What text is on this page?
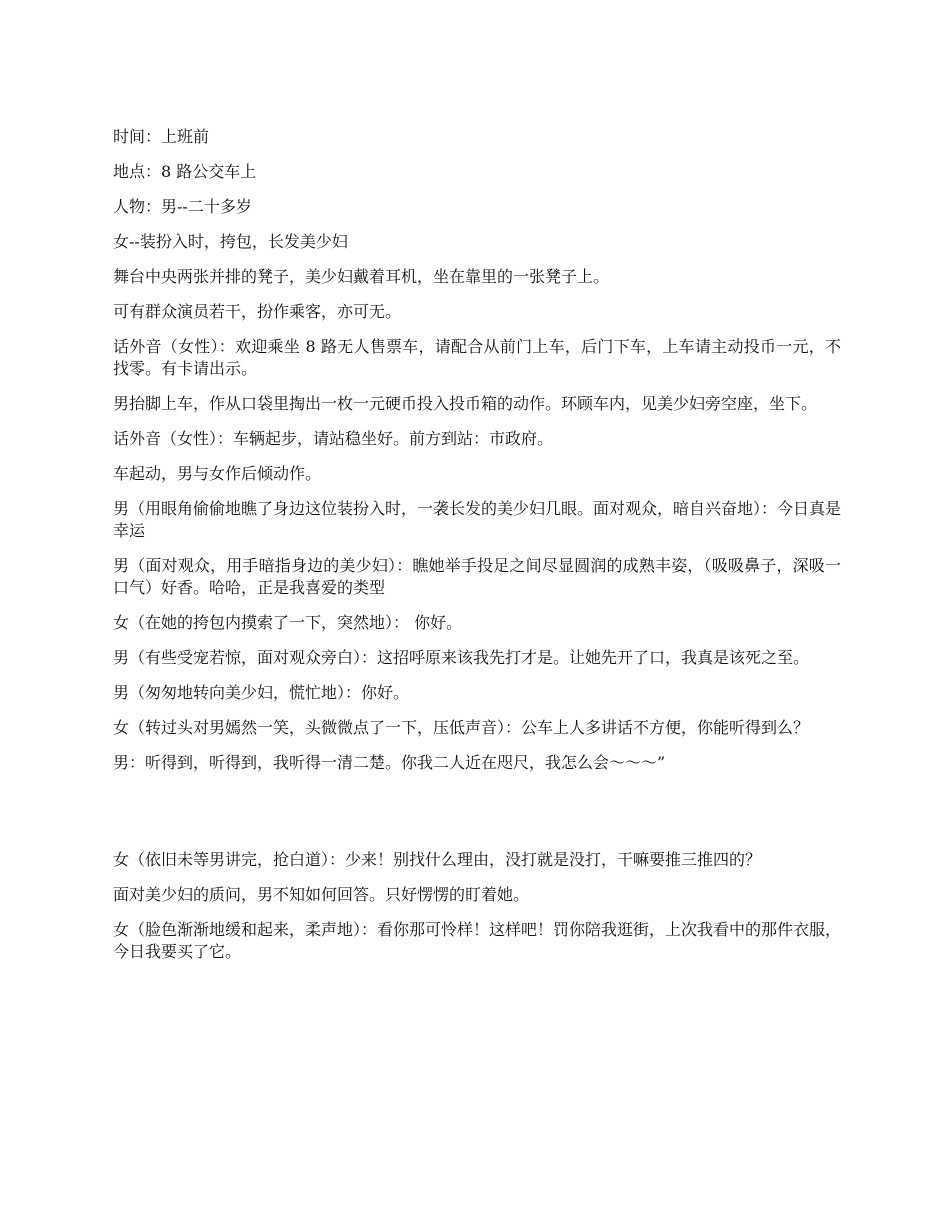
时间：上班前

地点：8 路公交车上

人物：男--二十多岁

女--装扮入时，挎包，长发美少妇

舞台中央两张并排的凳子，美少妇戴着耳机，坐在靠里的一张凳子上。

可有群众演员若干，扮作乘客，亦可无。

话外音（女性）：欢迎乘坐 8 路无人售票车，请配合从前门上车，后门下车，上车请主动投币一元，不找零。有卡请出示。

男抬脚上车，作从口袋里掏出一枚一元硬币投入投币箱的动作。环顾车内，见美少妇旁空座，坐下。

话外音（女性）：车辆起步，请站稳坐好。前方到站：市政府。

车起动，男与女作后倾动作。

男（用眼角偷偷地瞧了身边这位装扮入时，一袭长发的美少妇几眼。面对观众，暗自兴奋地）：今日真是幸运

男（面对观众，用手暗指身边的美少妇）：瞧她举手投足之间尽显圆润的成熟丰姿，（吸吸鼻子，深吸一口气）好香。哈哈，正是我喜爱的类型

女（在她的挎包内摸索了一下，突然地）： 你好。

男（有些受宠若惊，面对观众旁白）：这招呼原来该我先打才是。让她先开了口，我真是该死之至。

男（匆匆地转向美少妇，慌忙地）：你好。

女（转过头对男嫣然一笑，头微微点了一下，压低声音）：公车上人多讲话不方便，你能听得到么？

男：听得到，听得到，我听得一清二楚。你我二人近在咫尺，我怎么会～～～”

女（依旧未等男讲完，抢白道）：少来！别找什么理由，没打就是没打，干嘛要推三推四的？

面对美少妇的质问，男不知如何回答。只好愣愣的盯着她。

女（脸色渐渐地缓和起来，柔声地）：看你那可怜样！这样吧！罚你陪我逛街，上次我看中的那件衣服，今日我要买了它。
